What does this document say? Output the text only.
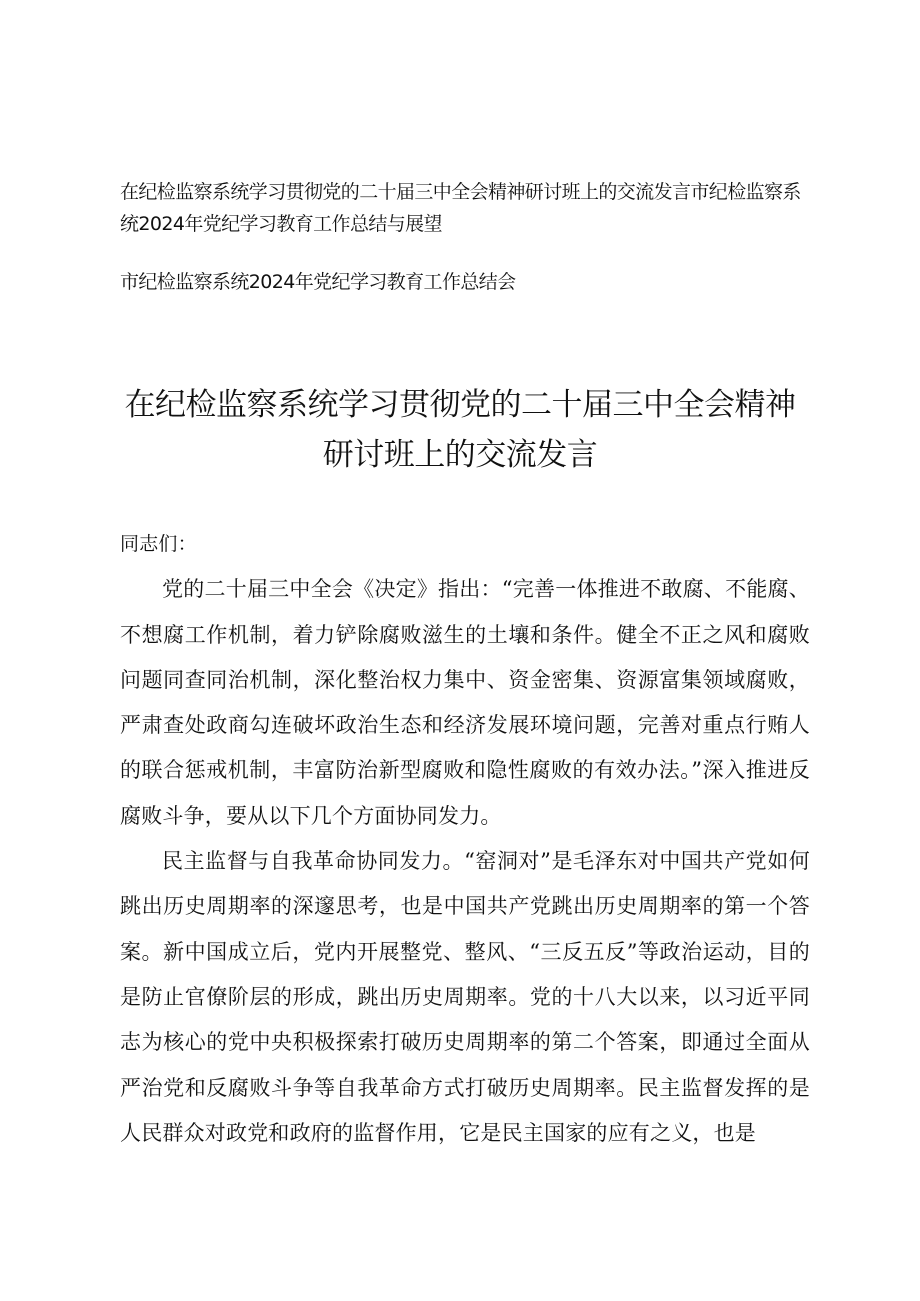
在纪检监察系统学习贯彻党的二十届三中全会精神研讨班上的交流发言市纪检监察系统2024年党纪学习教育工作总结与展望

市纪检监察系统2024年党纪学习教育工作总结会

在纪检监察系统学习贯彻党的二十届三中全会精神研讨班上的交流发言

同志们：

党的二十届三中全会《决定》指出：“完善一体推进不敢腐、不能腐、不想腐工作机制，着力铲除腐败滋生的土壤和条件。健全不正之风和腐败问题同查同治机制，深化整治权力集中、资金密集、资源富集领域腐败，严肃查处政商勾连破坏政治生态和经济发展环境问题，完善对重点行贿人的联合惩戒机制，丰富防治新型腐败和隐性腐败的有效办法。”深入推进反腐败斗争，要从以下几个方面协同发力。

民主监督与自我革命协同发力。“窑洞对”是毛泽东对中国共产党如何跳出历史周期率的深邃思考，也是中国共产党跳出历史周期率的第一个答案。新中国成立后，党内开展整党、整风、“三反五反”等政治运动，目的是防止官僚阶层的形成，跳出历史周期率。党的十八大以来，以习近平同志为核心的党中央积极探索打破历史周期率的第二个答案，即通过全面从严治党和反腐败斗争等自我革命方式打破历史周期率。民主监督发挥的是人民群众对政党和政府的监督作用，它是民主国家的应有之义，也是
